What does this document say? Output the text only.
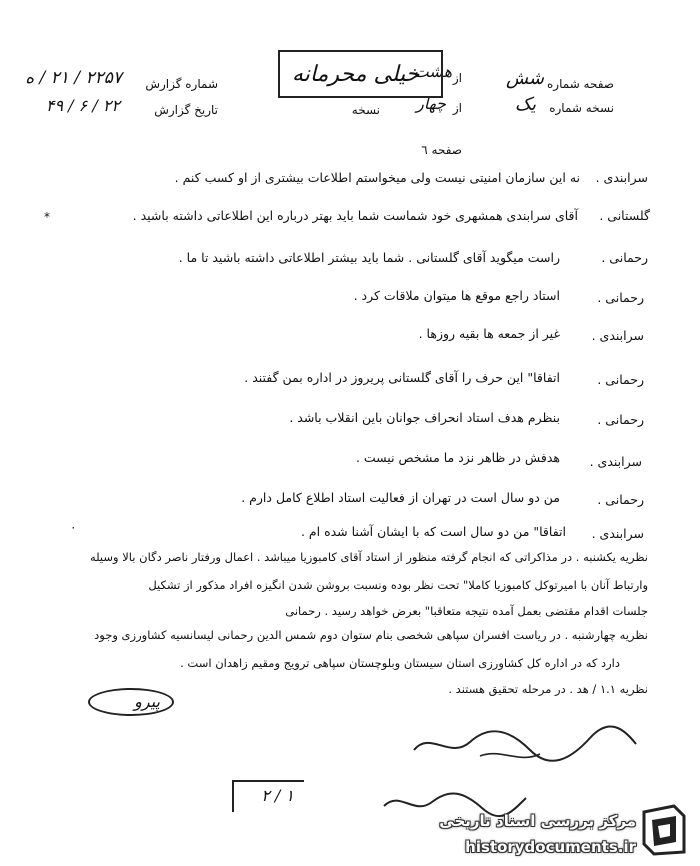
صفحه شماره
شش
نسخه شماره
یک
از
هشت
از
چهار
نسخه
خیلی محرمانه
شماره گزارش
۲۲۵۷ / ۲۱ / ه
تاریخ گزارش
۲۲ / ۶ / ۴۹
صفحه ٦
سرابندی .
نه این سازمان امنیتی نیست ولی میخواستم اطلاعات بیشتری از او کسب کنم .
گلستانی .
آقای سرابندی همشهری خود شماست شما باید بهتر درباره این اطلاعاتی داشته باشید .
رحمانی .
راست میگوید آقای گلستانی . شما باید بیشتر اطلاعاتی داشته باشید تا ما .
رحمانی .
استاد راجع موقع ها میتوان ملاقات کرد .
سرابندی .
غیر از جمعه ها بقیه روزها .
رحمانی .
اتفاقا" این حرف را آقای گلستانی پریروز در اداره بمن گفتند .
رحمانی .
بنظرم هدف استاد انحراف جوانان باین انقلاب باشد .
سرابندی .
هدفش در ظاهر نزد ما مشخص نیست .
رحمانی .
من دو سال است در تهران از فعالیت استاد اطلاع کامل دارم .
سرابندی .
اتفاقا" من دو سال است که با ایشان آشنا شده ام .
نظریه یکشنبه . در مذاکراتی که انجام گرفته منظور از استاد آقای کامبوزیا میباشد . اعمال ورفتار ناصر دگان بالا وسیله
وارتباط آنان با امیرتوکل کامبوزیا کاملا" تحت نظر بوده ونسبت بروشن شدن انگیزه افراد مذکور از تشکیل
جلسات اقدام مقتضی بعمل آمده نتیجه متعاقبا" بعرض خواهد رسید . رحمانی
نظریه چهارشنبه . در ریاست افسران سپاهی شخصی بنام ستوان دوم شمس الدین رحمانی لیسانسیه کشاورزی وجود
دارد که در اداره کل کشاورزی استان سیستان وبلوچستان سپاهی ترویج ومقیم زاهدان است .
نظریه ۱.۱ / هد . در مرحله تحقیق هستند .
پیرو
۱ / ۲
*
٠
مرکز بررسی اسناد تاریخی
historydocuments.ir
